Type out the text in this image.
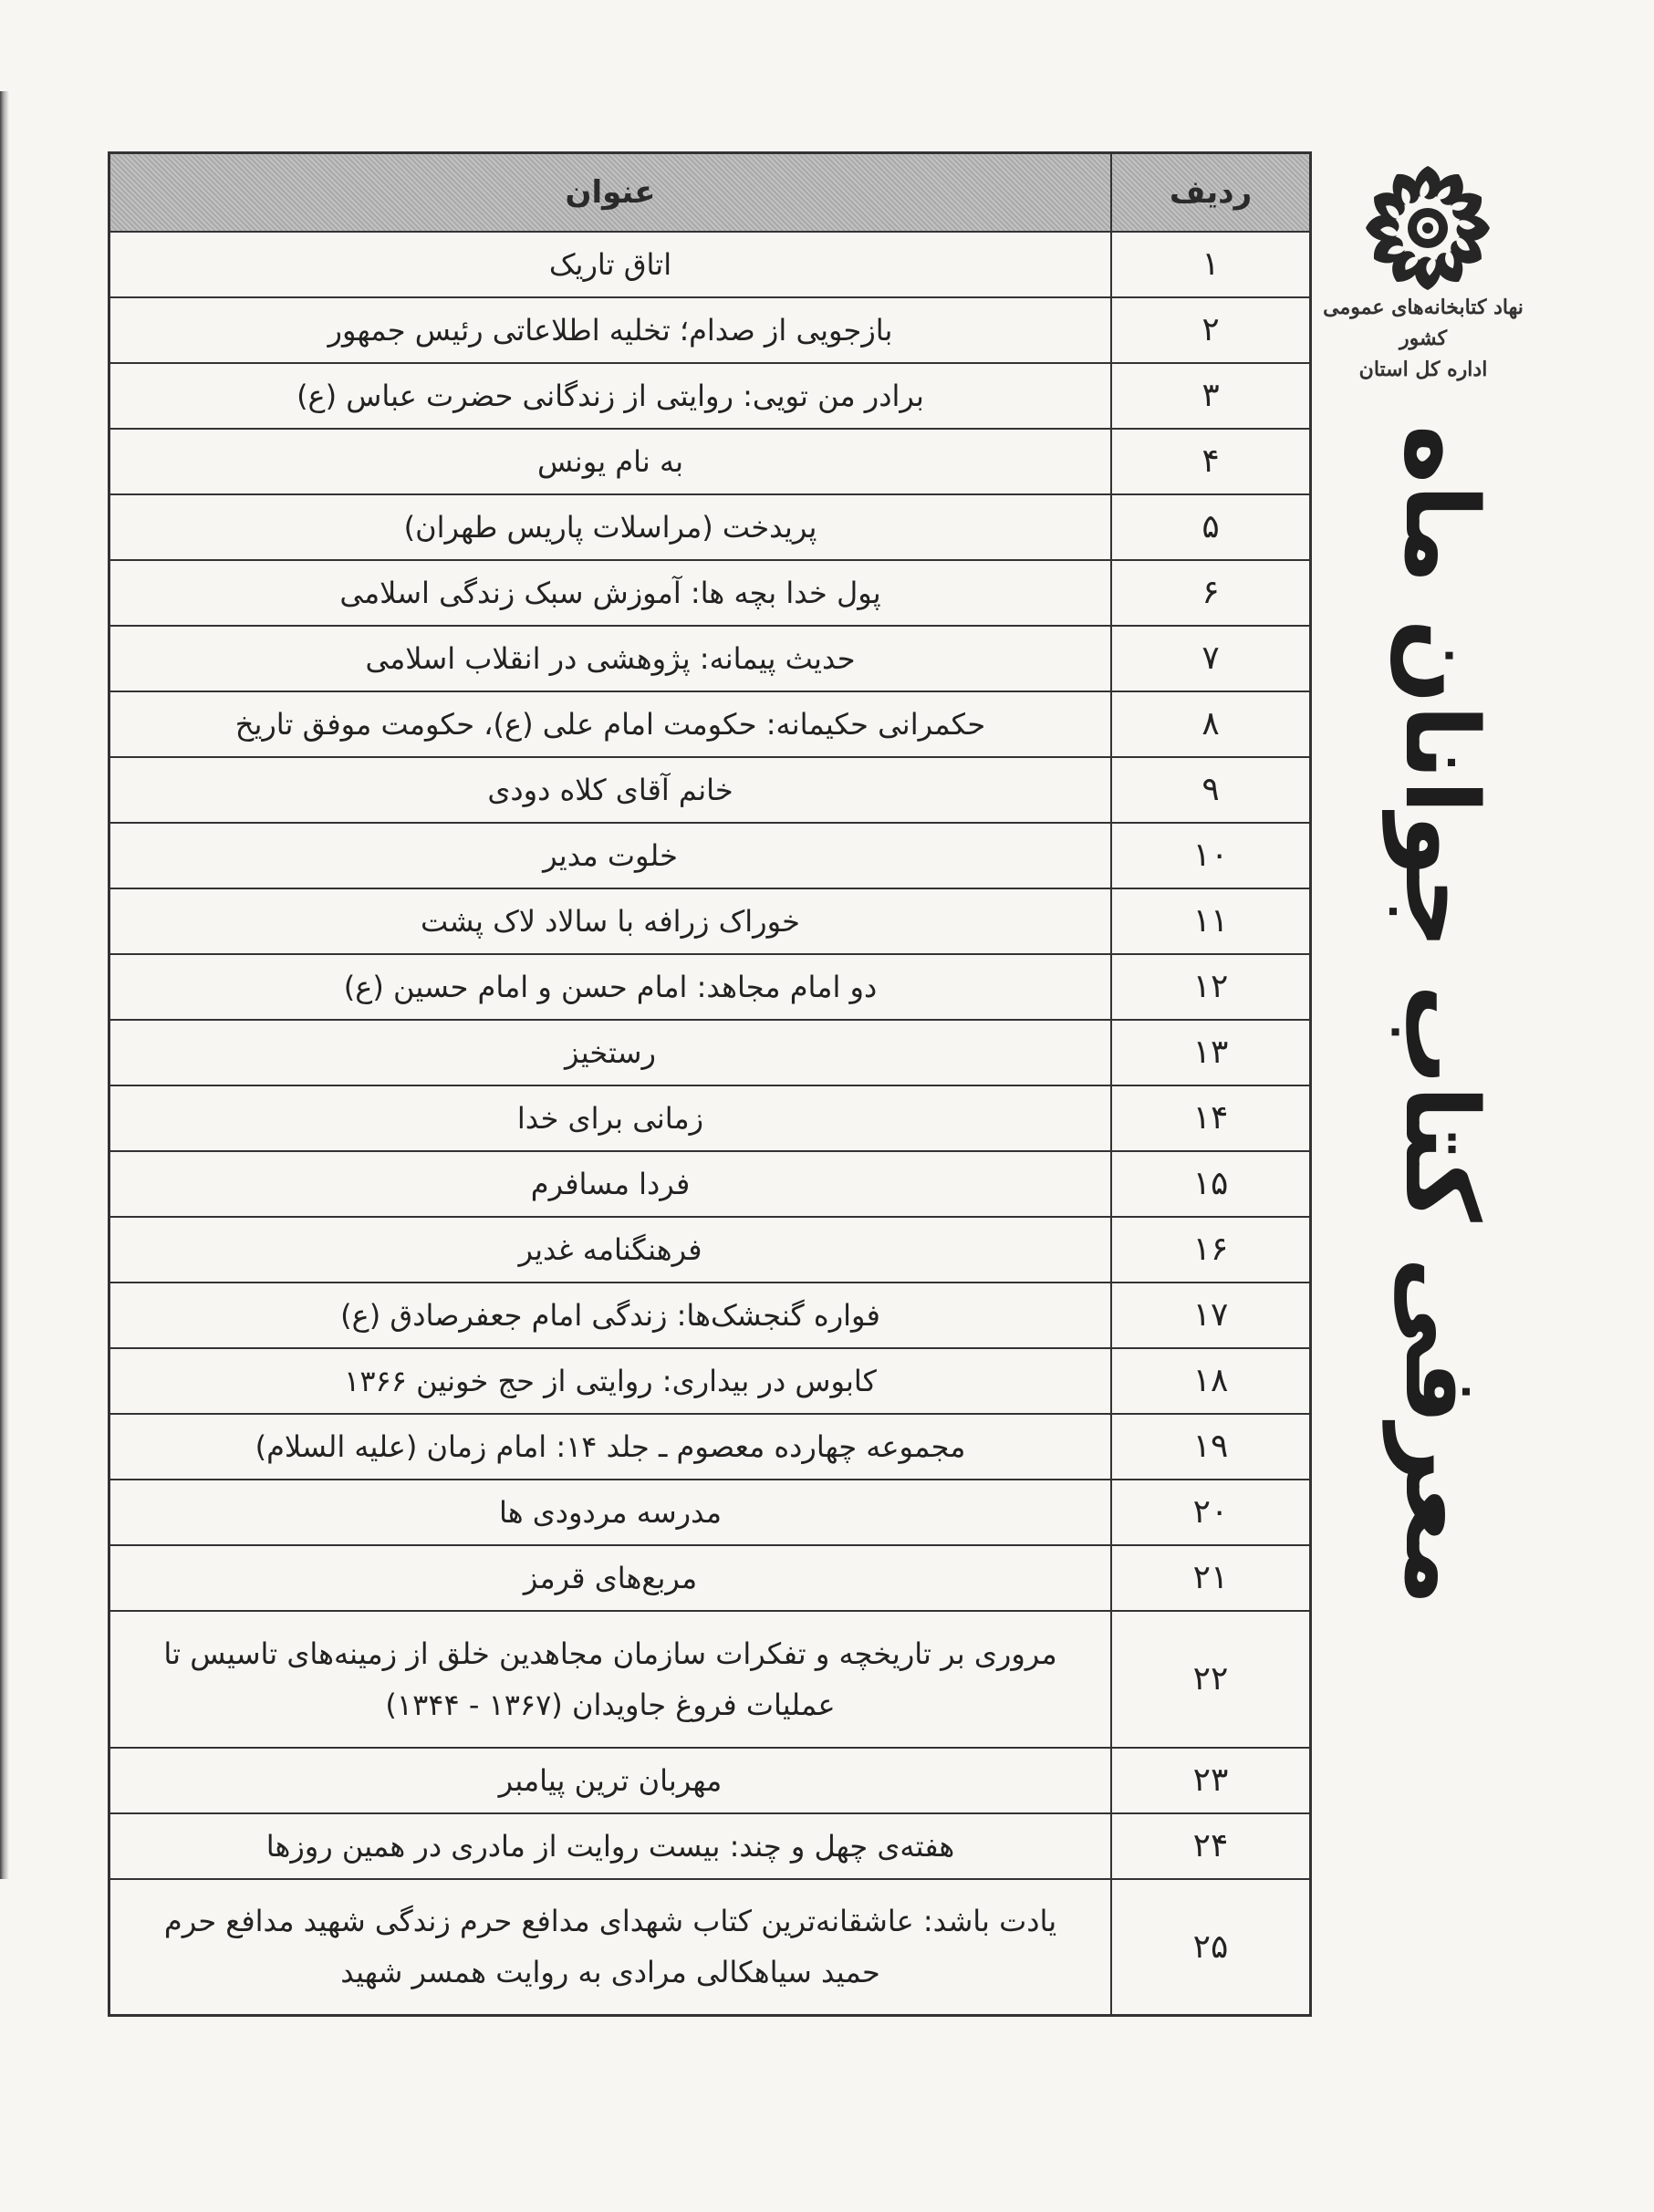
ردیف	عنوان
۱	اتاق تاریک
۲	بازجویی از صدام؛ تخلیه اطلاعاتی رئیس جمهور
۳	برادر من تویی: روایتی از زندگانی حضرت عباس (ع)
۴	به نام یونس
۵	پریدخت (مراسلات پاریس طهران)
۶	پول خدا بچه ها: آموزش سبک زندگی اسلامی
۷	حدیث پیمانه: پژوهشی در انقلاب اسلامی
۸	حکمرانی حکیمانه: حکومت امام علی (ع)، حکومت موفق تاریخ
۹	خانم آقای کلاه دودی
۱۰	خلوت مدیر
۱۱	خوراک زرافه با سالاد لاک پشت
۱۲	دو امام مجاهد: امام حسن و امام حسین (ع)
۱۳	رستخیز
۱۴	زمانی برای خدا
۱۵	فردا مسافرم
۱۶	فرهنگنامه غدیر
۱۷	فواره گنجشک‌ها: زندگی امام جعفرصادق (ع)
۱۸	کابوس در بیداری: روایتی از حج خونین ۱۳۶۶
۱۹	مجموعه چهارده معصوم ـ جلد ۱۴: امام زمان (علیه السلام)
۲۰	مدرسه مردودی ها
۲۱	مربع‌های قرمز
۲۲	مروری بر تاریخچه و تفکرات سازمان مجاهدین خلق از زمینه‌های تاسیس تا عملیات فروغ جاویدان (۱۳۶۷ - ۱۳۴۴)
۲۳	مهربان ترین پیامبر
۲۴	هفته‌ی چهل و چند: بیست روایت از مادری در همین روزها
۲۵	یادت باشد: عاشقانه‌ترین کتاب شهدای مدافع حرم زندگی شهید مدافع حرم حمید سیاهکالی مرادی به روایت همسر شهید
نهاد کتابخانه‌های عمومی کشور
اداره کل استان
معرفی کتاب جوانان ماه
